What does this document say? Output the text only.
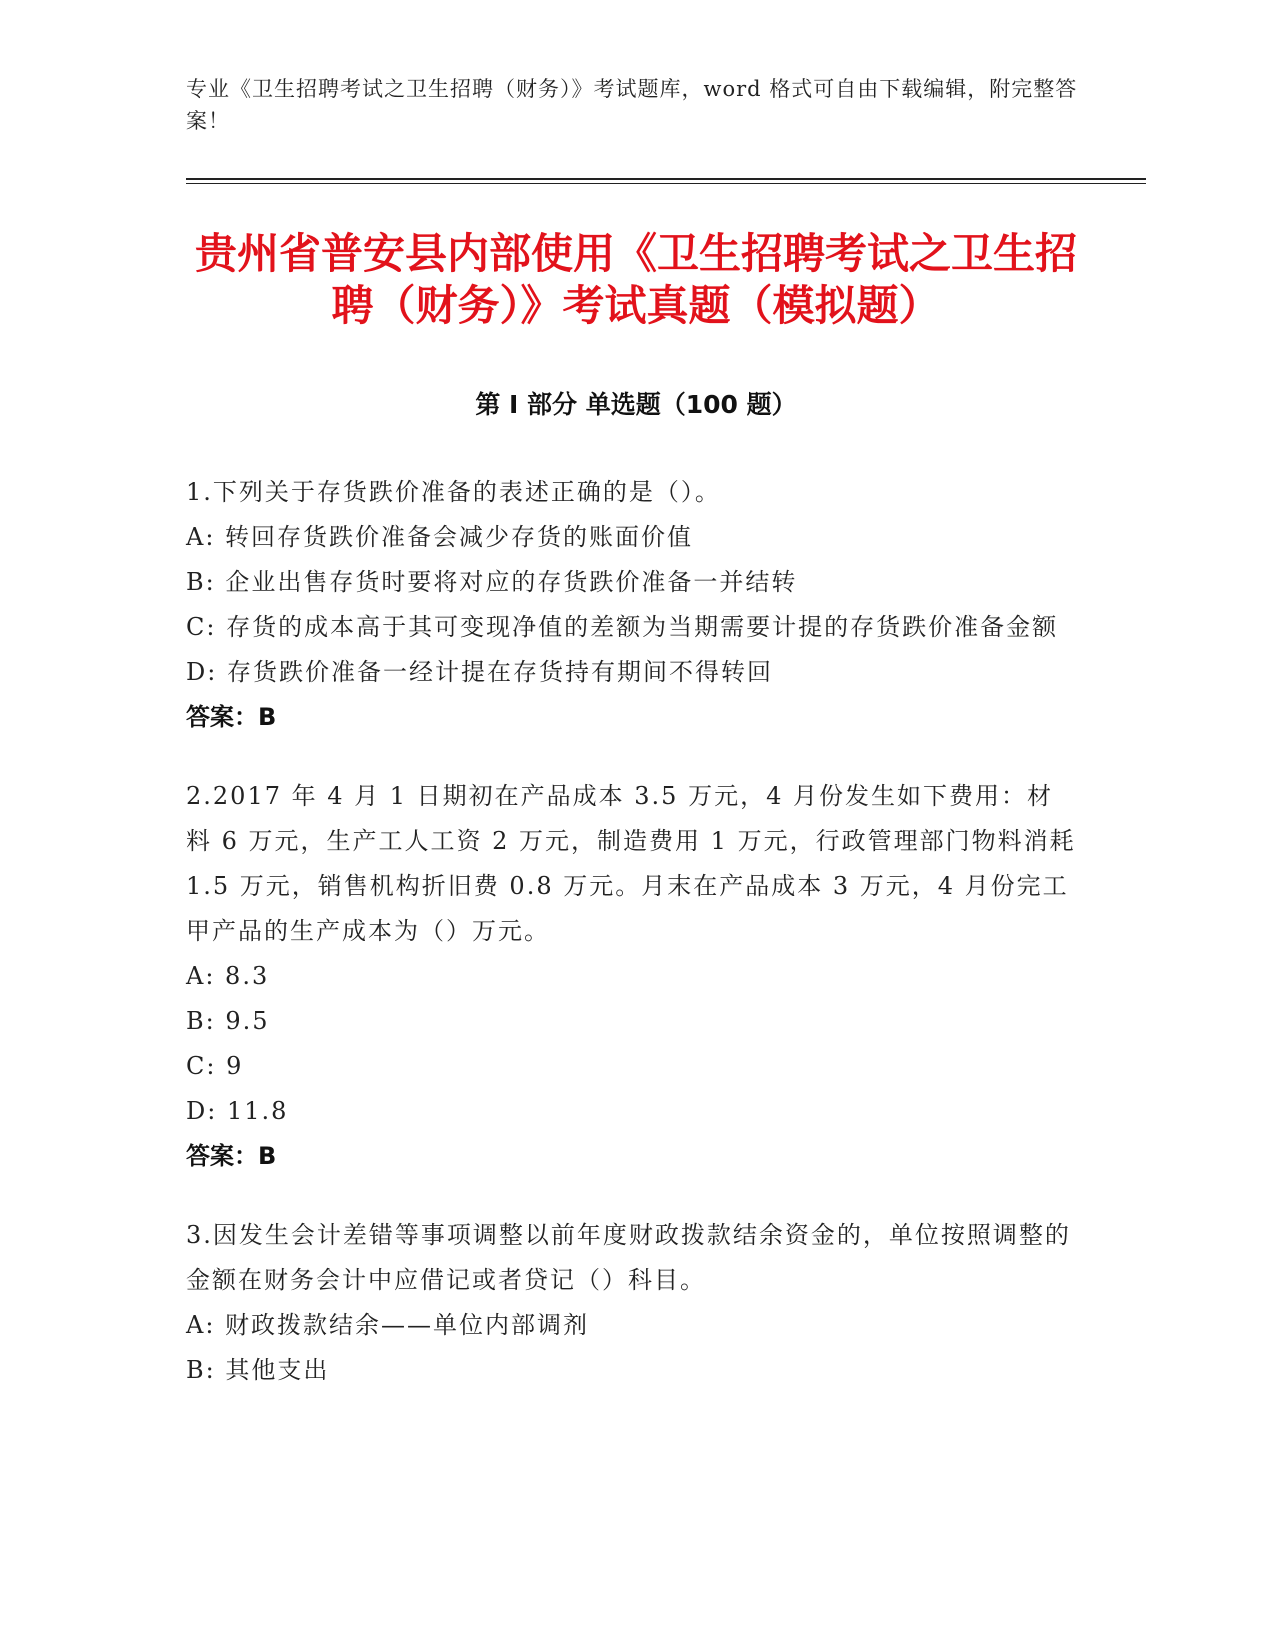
专业《卫生招聘考试之卫生招聘（财务）》考试题库，word 格式可自由下载编辑，附完整答案！
贵州省普安县内部使用《卫生招聘考试之卫生招聘（财务）》考试真题（模拟题）
第 I 部分 单选题（100 题）

1.下列关于存货跌价准备的表述正确的是（）。

A: 转回存货跌价准备会减少存货的账面价值

B: 企业出售存货时要将对应的存货跌价准备一并结转

C: 存货的成本高于其可变现净值的差额为当期需要计提的存货跌价准备金额

D: 存货跌价准备一经计提在存货持有期间不得转回

答案：B

2.2017 年 4 月 1 日期初在产品成本 3.5 万元，4 月份发生如下费用：材料 6 万元，生产工人工资 2 万元，制造费用 1 万元，行政管理部门物料消耗 1.5 万元，销售机构折旧费 0.8 万元。月末在产品成本 3 万元，4 月份完工甲产品的生产成本为（）万元。

A: 8.3

B: 9.5

C: 9

D: 11.8

答案：B

3.因发生会计差错等事项调整以前年度财政拨款结余资金的，单位按照调整的金额在财务会计中应借记或者贷记（）科目。

A: 财政拨款结余——单位内部调剂

B: 其他支出
